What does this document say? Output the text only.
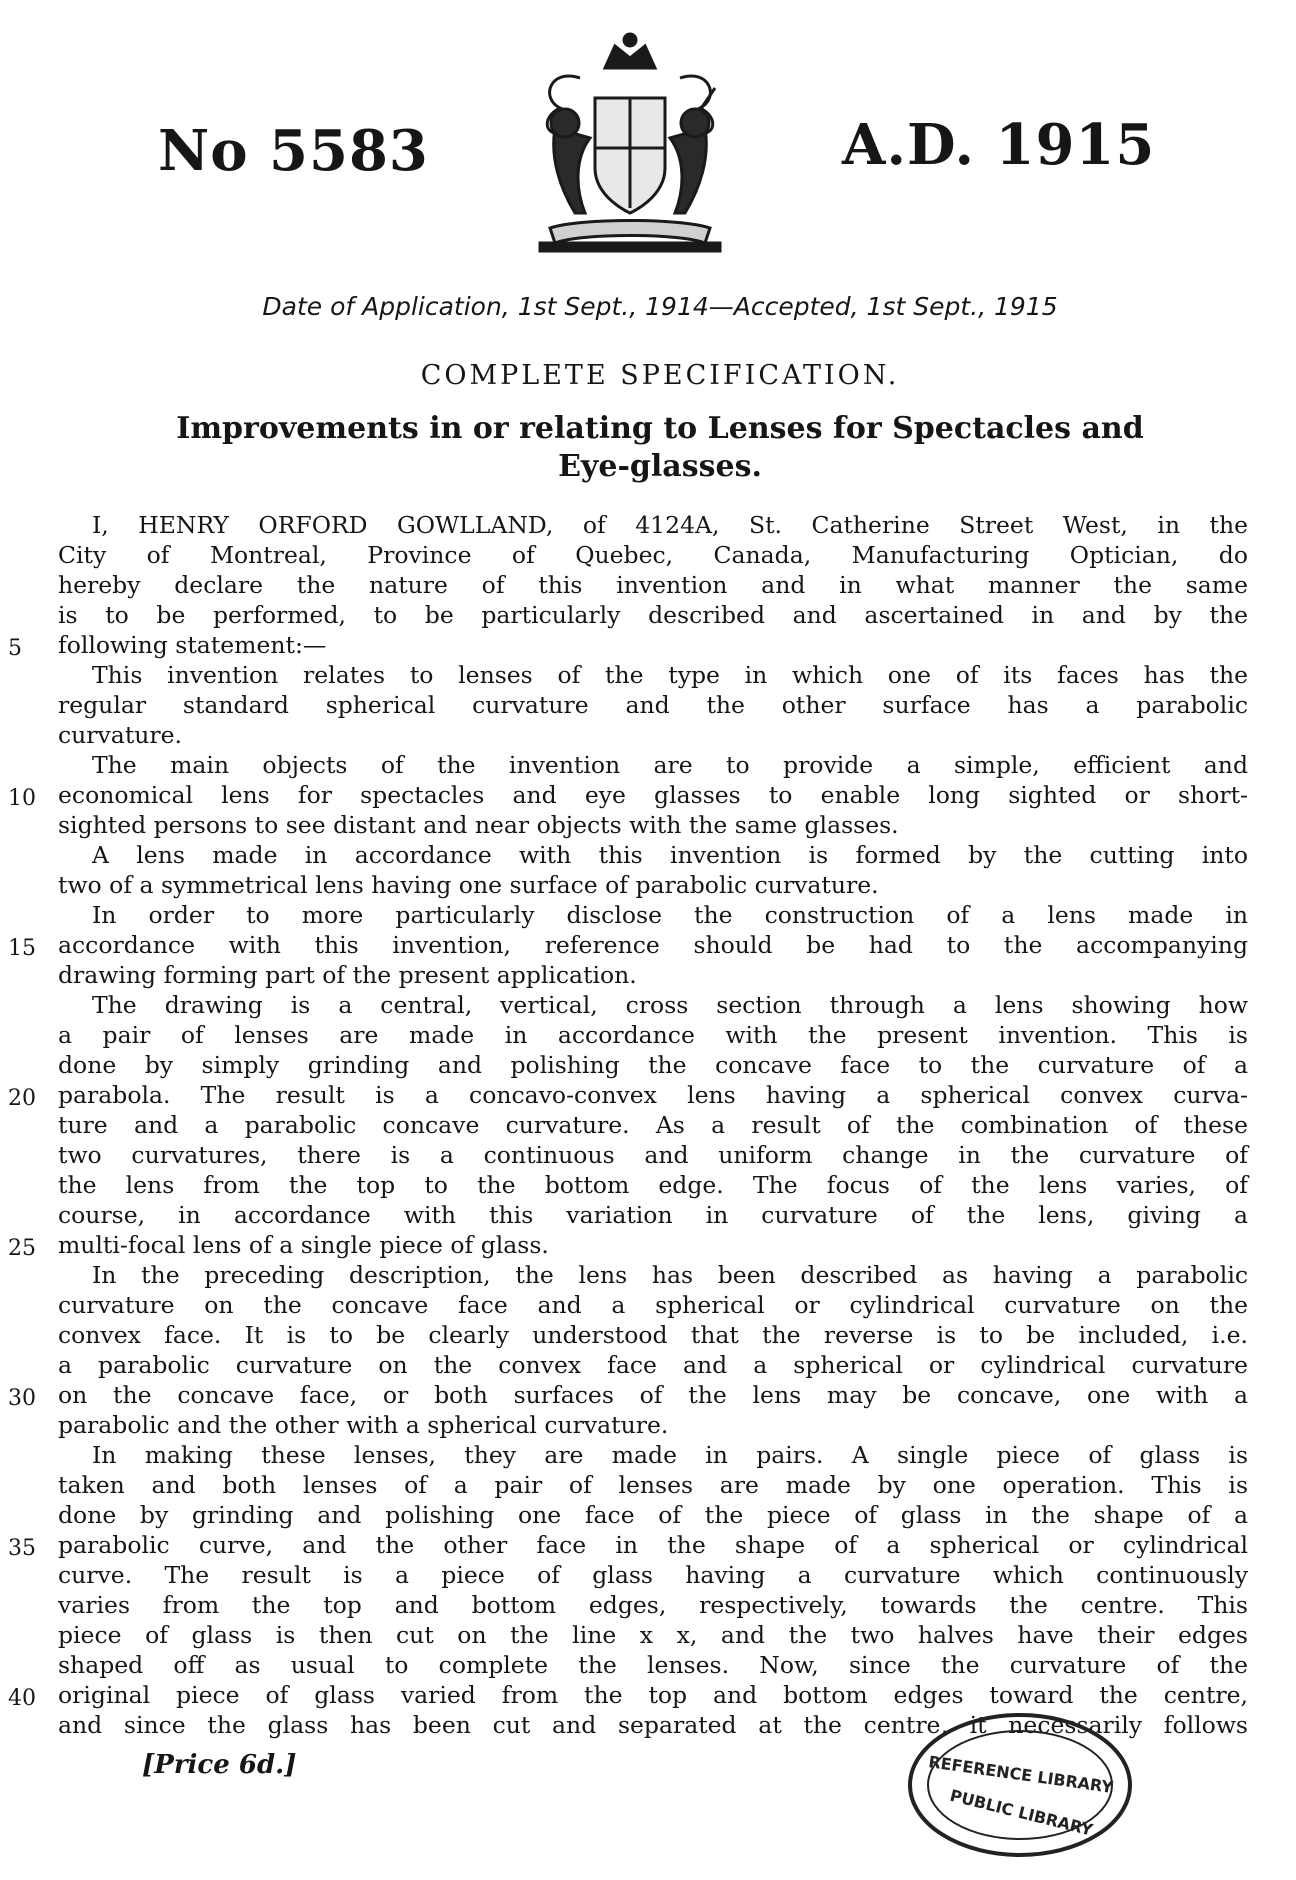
No 5583	A.D. 1915
Date of Application, 1st Sept., 1914—Accepted, 1st Sept., 1915
COMPLETE SPECIFICATION.
Improvements in or relating to Lenses for Spectacles and
Eye-glasses.
I, HENRY ORFORD GOWLLAND, of 4124A, St. Catherine Street West, in the
City of Montreal, Province of Quebec, Canada, Manufacturing Optician, do
hereby declare the nature of this invention and in what manner the same
is to be performed, to be particularly described and ascertained in and by the
5	following statement:—
This invention relates to lenses of the type in which one of its faces has the
regular standard spherical curvature and the other surface has a parabolic
curvature.
The main objects of the invention are to provide a simple, efficient and
10 economical lens for spectacles and eye glasses to enable long sighted or short-
sighted persons to see distant and near objects with the same glasses.
A lens made in accordance with this invention is formed by the cutting into
two of a symmetrical lens having one surface of parabolic curvature.
In order to more particularly disclose the construction of a lens made in
15 accordance with this invention, reference should be had to the accompanying
drawing forming part of the present application.
The drawing is a central, vertical, cross section through a lens showing how
a pair of lenses are made in accordance with the present invention. This is
done by simply grinding and polishing the concave face to the curvature of a
20 parabola. The result is a concavo-convex lens having a spherical convex curva-
ture and a parabolic concave curvature. As a result of the combination of these
two curvatures, there is a continuous and uniform change in the curvature of
the lens from the top to the bottom edge. The focus of the lens varies, of
course, in accordance with this variation in curvature of the lens, giving a
25 multi-focal lens of a single piece of glass.
In the preceding description, the lens has been described as having a parabolic
curvature on the concave face and a spherical or cylindrical curvature on the
convex face. It is to be clearly understood that the reverse is to be included, i.e.
a parabolic curvature on the convex face and a spherical or cylindrical curvature
30 on the concave face, or both surfaces of the lens may be concave, one with a
parabolic and the other with a spherical curvature.
In making these lenses, they are made in pairs. A single piece of glass is
taken and both lenses of a pair of lenses are made by one operation. This is
done by grinding and polishing one face of the piece of glass in the shape of a
35 parabolic curve, and the other face in the shape of a spherical or cylindrical
curve. The result is a piece of glass having a curvature which continuously
varies from the top and bottom edges, respectively, towards the centre. This
piece of glass is then cut on the line x x, and the two halves have their edges
shaped off as usual to complete the lenses. Now, since the curvature of the
40 original piece of glass varied from the top and bottom edges toward the centre,
and since the glass has been cut and separated at the centre, it necessarily follows
[Price 6d.]	REFERENCE LIBRARY
PUBLIC LIBRARY
